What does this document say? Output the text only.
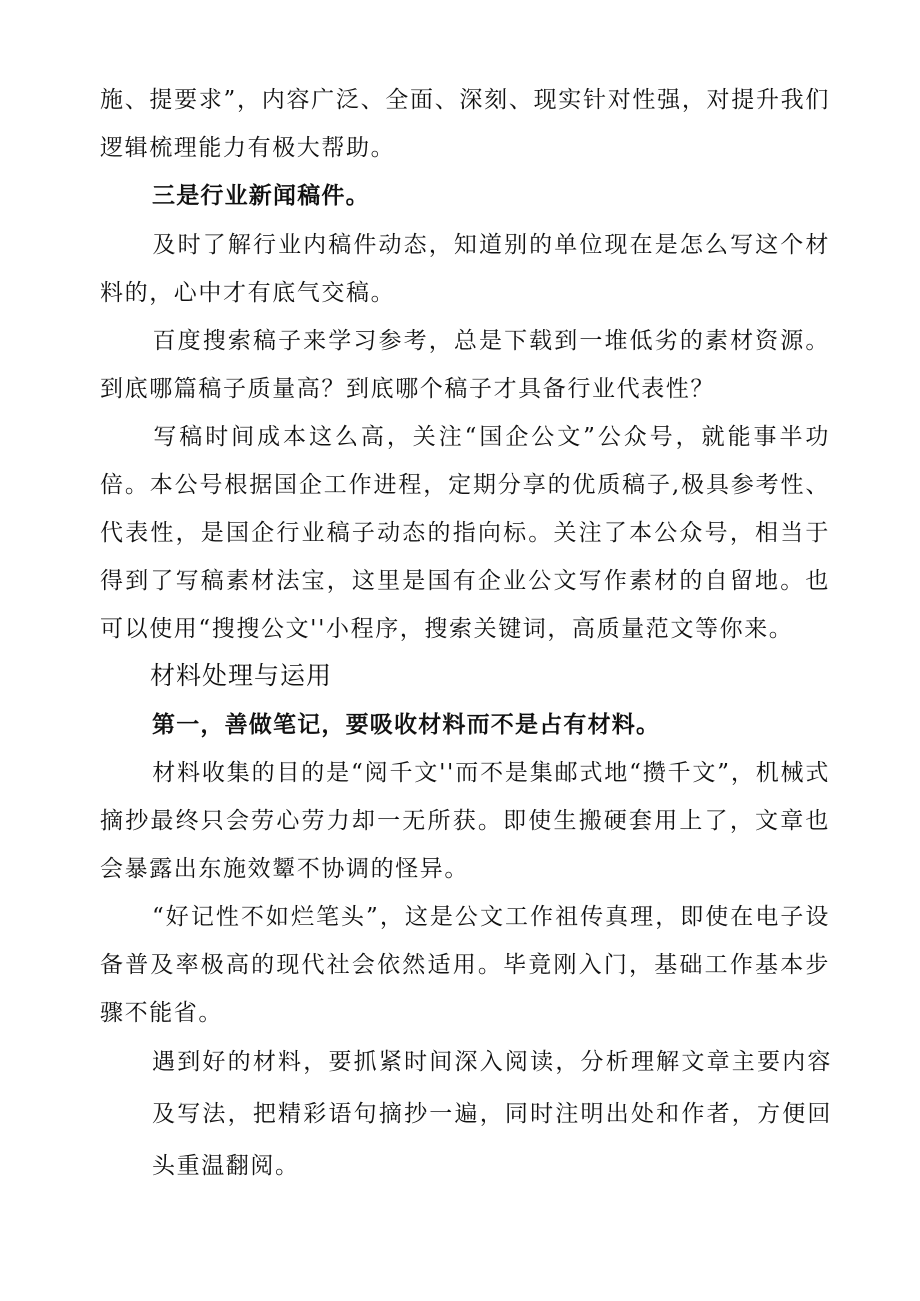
施、提要求”，内容广泛、全面、深刻、现实针对性强，对提升我们逻辑梳理能力有极大帮助。

三是行业新闻稿件。

及时了解行业内稿件动态，知道别的单位现在是怎么写这个材料的，心中才有底气交稿。

百度搜索稿子来学习参考，总是下载到一堆低劣的素材资源。到底哪篇稿子质量高？到底哪个稿子才具备行业代表性？

写稿时间成本这么高，关注“国企公文”公众号，就能事半功倍。本公号根据国企工作进程，定期分享的优质稿子,极具参考性、代表性，是国企行业稿子动态的指向标。关注了本公众号，相当于得到了写稿素材法宝，这里是国有企业公文写作素材的自留地。也可以使用“搜搜公文''小程序，搜索关键词，高质量范文等你来。

材料处理与运用

第一，善做笔记，要吸收材料而不是占有材料。

材料收集的目的是“阅千文''而不是集邮式地“攒千文”，机械式摘抄最终只会劳心劳力却一无所获。即使生搬硬套用上了，文章也会暴露出东施效颦不协调的怪异。

“好记性不如烂笔头”，这是公文工作祖传真理，即使在电子设备普及率极高的现代社会依然适用。毕竟刚入门，基础工作基本步骤不能省。

遇到好的材料，要抓紧时间深入阅读，分析理解文章主要内容及写法，把精彩语句摘抄一遍，同时注明出处和作者，方便回头重温翻阅。
